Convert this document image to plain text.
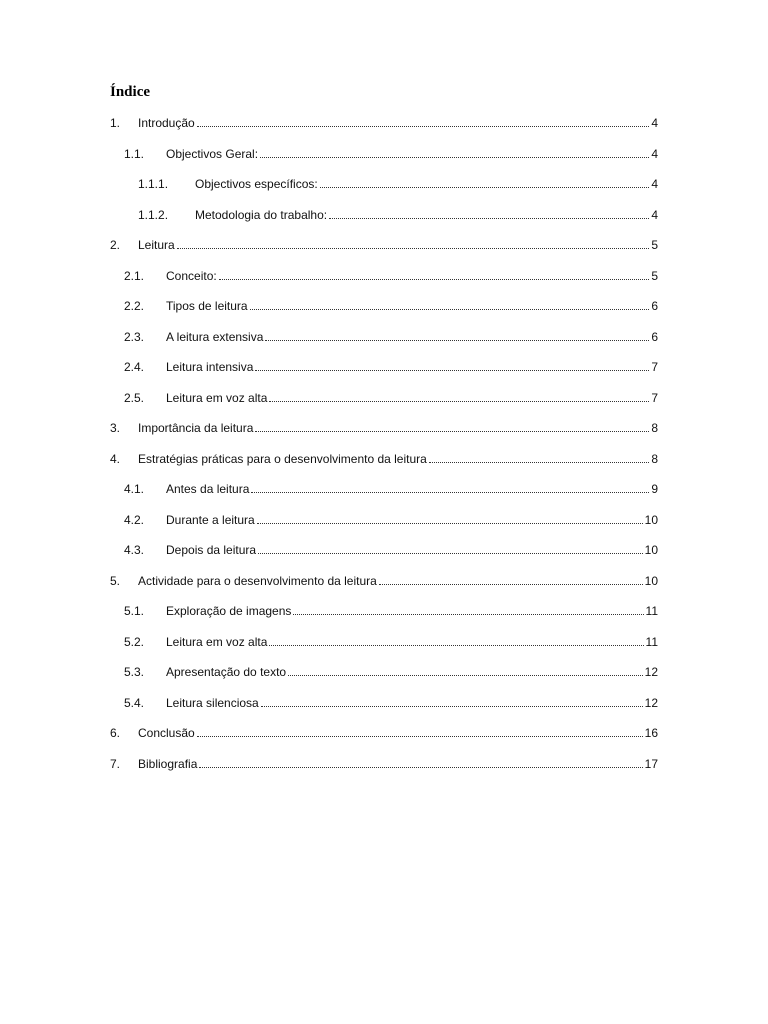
Índice
1. Introdução	4
1.1. Objectivos Geral:	4
1.1.1. Objectivos específicos:	4
1.1.2. Metodologia do trabalho:	4
2. Leitura	5
2.1. Conceito:	5
2.2. Tipos de leitura	6
2.3. A leitura extensiva	6
2.4. Leitura intensiva	7
2.5. Leitura em voz alta	7
3. Importância da leitura	8
4. Estratégias práticas para o desenvolvimento da leitura	8
4.1. Antes da leitura	9
4.2. Durante a leitura	10
4.3. Depois da leitura	10
5. Actividade para o desenvolvimento da leitura	10
5.1. Exploração de imagens	11
5.2. Leitura em voz alta	11
5.3. Apresentação do texto	12
5.4. Leitura silenciosa	12
6. Conclusão	16
7. Bibliografia	17
